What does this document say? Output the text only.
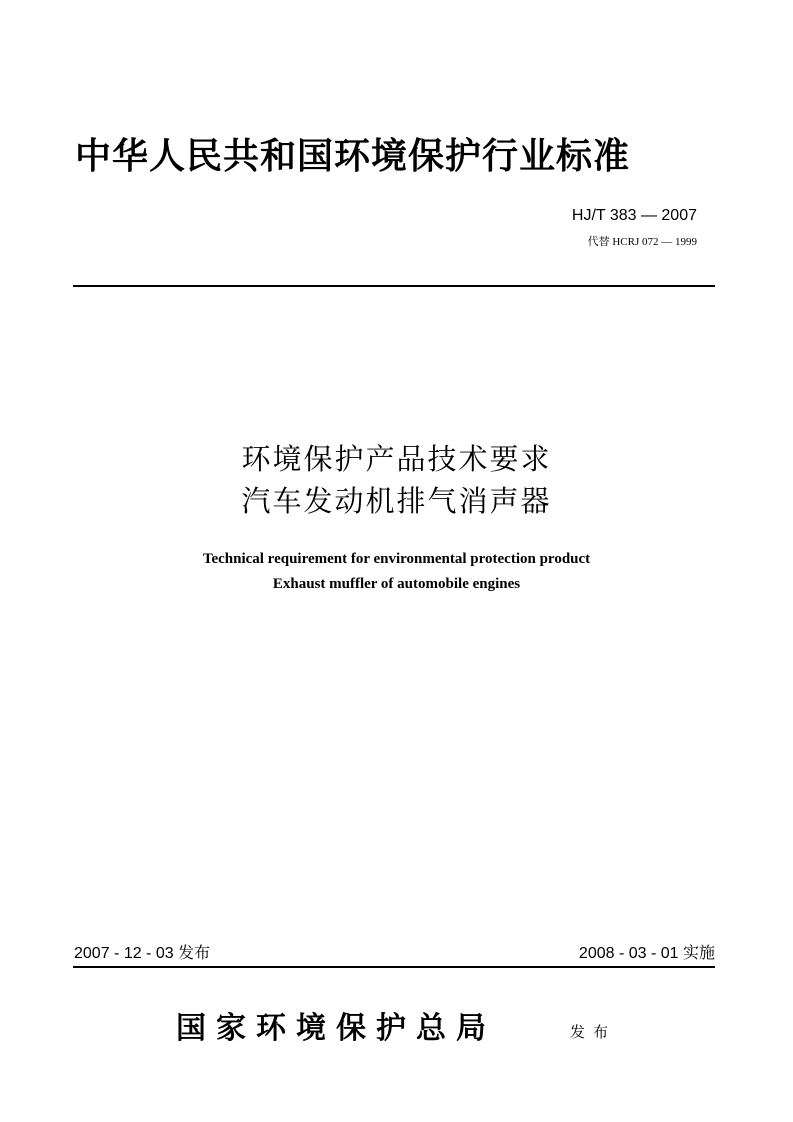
中华人民共和国环境保护行业标准
HJ/T 383 — 2007
代替 HCRJ 072 — 1999
环境保护产品技术要求
汽车发动机排气消声器
Technical requirement for environmental protection product
Exhaust muffler of automobile engines
2007 - 12 - 03 发布	2008 - 03 - 01 实施
国家环境保护总局	发布
